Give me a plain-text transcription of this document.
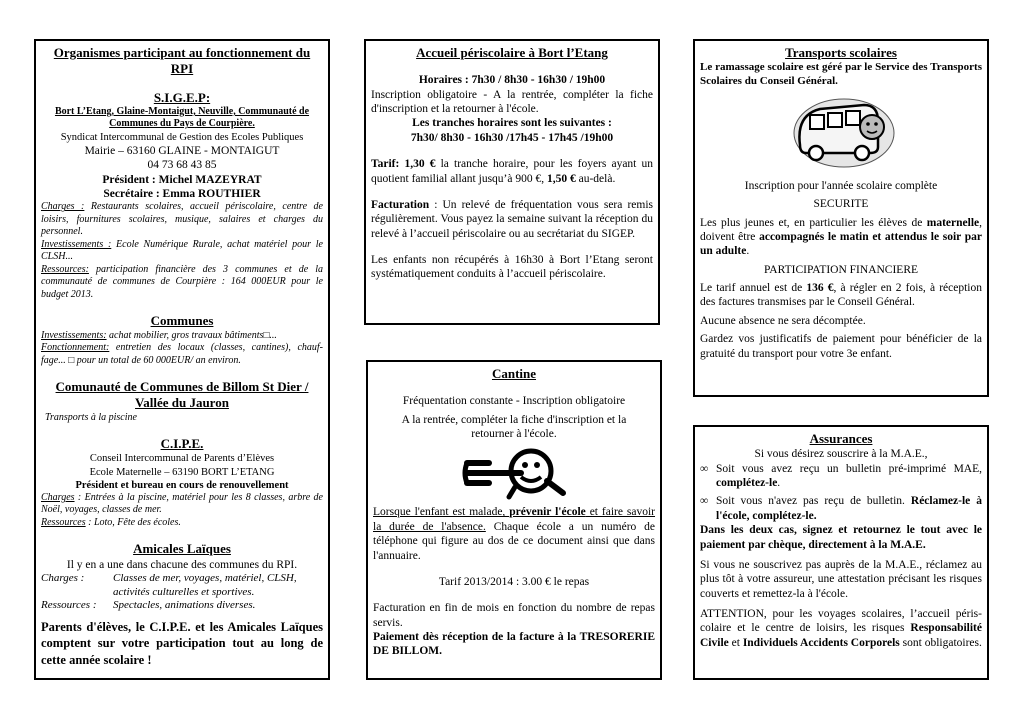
Organismes participant au fonctionnement du RPI

S.I.G.E.P:

Bort L’Etang, Glaine-Montaigut, Neuville, Communauté de Communes du Pays de Courpière.

Syndicat Intercommunal de Gestion des Ecoles Publiques

Mairie – 63160 GLAINE - MONTAIGUT

04 73 68 43 85

Président : Michel MAZEYRAT

Secrétaire : Emma ROUTHIER

Charges : Restaurants scolaires, accueil périscolaire, centre de loisirs, fournitures scolaires, musique, salaires et charges du personnel.

Investissements : Ecole Numérique Rurale, achat matériel pour le CLSH...

Ressources: participation financière des 3 communes et de la communauté de communes de Courpière : 164 000EUR pour le budget 2013.

Communes

Investissements: achat mobilier, gros travaux bâtiments□...

Fonctionnement: entretien des locaux (classes, cantines), chauf-fage... □ pour un total de 60 000EUR/ an environ.

Comunauté de Communes de Billom St Dier / Vallée du Jauron

Transports à la piscine

C.I.P.E.

Conseil Intercommunal de Parents d’Elèves

Ecole Maternelle – 63190 BORT L’ETANG

Président et bureau en cours de renouvellement

Charges : Entrées à la piscine, matériel pour les 8 classes, arbre de Noël, voyages, classes de mer.

Ressources : Loto, Fête des écoles.

Amicales Laïques

Il y en a une dans chacune des communes du RPI.

Charges :	Classes de mer, voyages, matériel, CLSH, activités culturelles et sportives.
Ressources :	Spectacles, animations diverses.

Parents d'élèves, le C.I.P.E. et les Amicales Laïques comptent sur votre participation tout au long de cette année scolaire !

Accueil périscolaire à Bort l’Etang

Horaires : 7h30 / 8h30 - 16h30 / 19h00

Inscription obligatoire - A la rentrée, compléter la fiche d'inscription et la retourner à l'école.

Les tranches horaires sont les suivantes :

7h30/ 8h30 - 16h30 /17h45 - 17h45 /19h00

Tarif: 1,30 € la tranche horaire, pour les foyers ayant un quotient familial allant jusqu’à 900 €, 1,50 € au-delà.

Facturation : Un relevé de fréquentation vous sera remis régulièrement. Vous payez la semaine suivant la réception du relevé à l’accueil périscolaire ou au secrétariat du SIGEP.

Les enfants non récupérés à 16h30 à Bort l’Etang seront systématiquement conduits à l’accueil périscolaire.

Cantine

Fréquentation constante - Inscription obligatoire

A la rentrée, compléter la fiche d'inscription et la retourner à l'école.

Lorsque l'enfant est malade, prévenir l'école et faire savoir la durée de l'absence. Chaque école a un numéro de téléphone qui figure au dos de ce document ainsi que dans l'annuaire.

Tarif 2013/2014 : 3.00 € le repas

Facturation en fin de mois en fonction du nombre de repas servis.

Paiement dès réception de la facture à la TRESORERIE DE BILLOM.

Transports scolaires

Le ramassage scolaire est géré par le Service des Transports Scolaires du Conseil Général.

Inscription pour l'année scolaire complète

SECURITE

Les plus jeunes et, en particulier les élèves de maternelle, doivent être accompagnés le matin et attendus le soir par un adulte.

PARTICIPATION FINANCIERE

Le tarif annuel est de 136 €, à régler en 2 fois, à réception des factures transmises par le Conseil Général.

Aucune absence ne sera décomptée.

Gardez vos justificatifs de paiement pour bénéficier de la gratuité du transport pour votre 3e enfant.

Assurances

Si vous désirez souscrire à la M.A.E.,

∞ Soit vous avez reçu un bulletin pré-imprimé MAE, complétez-le.
∞ Soit vous n'avez pas reçu de bulletin. Réclamez-le à l'école, complétez-le.

Dans les deux cas, signez et retournez le tout avec le paiement par chèque, directement à la M.A.E.

Si vous ne souscrivez pas auprès de la M.A.E., réclamez au plus tôt à votre assureur, une attestation précisant les risques couverts et remettez-la à l'école.

ATTENTION, pour les voyages scolaires, l’accueil péris-colaire et le centre de loisirs, les risques Responsabilité Civile et Individuels Accidents Corporels sont obligatoires.
